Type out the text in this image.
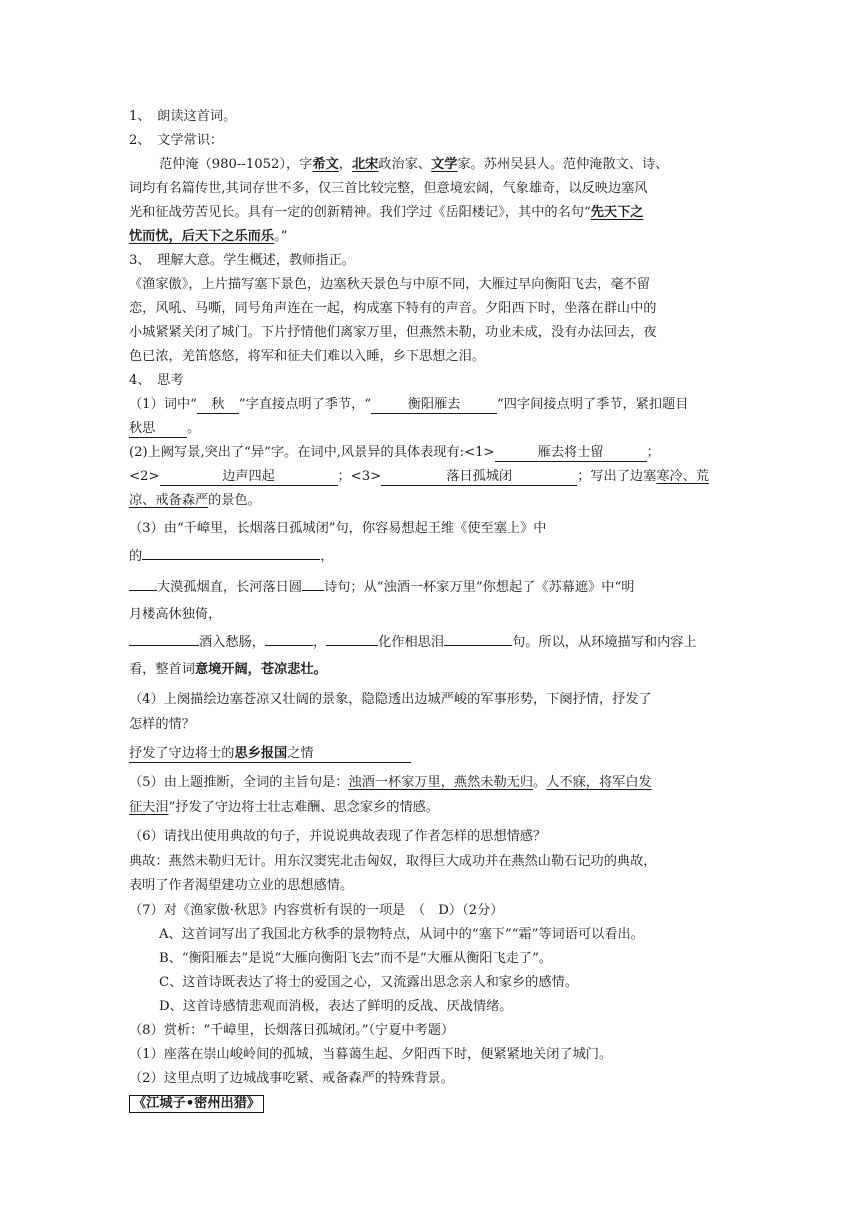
1、　朗读这首词。
2、　文学常识：
范仲淹（980--1052），字希文，北宋政治家、文学家。苏州吴县人。范仲淹散文、诗、
词均有名篇传世,其词存世不多，仅三首比较完整，但意境宏阔，气象雄奇，以反映边塞风
光和征战劳苦见长。具有一定的创新精神。我们学过《岳阳楼记》，其中的名句“先天下之
忧而忧，后天下之乐而乐。”
3、　理解大意。学生概述，教师指正。
《渔家傲》，上片描写塞下景色，边塞秋天景色与中原不同，大雁过早向衡阳飞去，毫不留
恋，风吼、马嘶，同号角声连在一起，构成塞下特有的声音。夕阳西下时，坐落在群山中的
小城紧紧关闭了城门。下片抒情他们离家万里，但燕然未勒，功业未成，没有办法回去，夜
色已浓，羌笛悠悠，将军和征夫们难以入睡，乡下思想之泪。
4、　思考
（1）词中“ 秋 ”字直接点明了季节，“	衡阳雁去	”四字间接点明了季节，紧扣题目
秋思 。
(2)上阙写景,突出了“异”字。在词中,风景异的具体表现有:<1>	雁去将士留	；
<2>	边声四起	；<3>	落日孤城闭	；写出了边塞寒冷、荒
凉、戒备森严的景色。
（3）由“千嶂里，长烟落日孤城闭”句，你容易想起王维《使至塞上》中
的	，
大漠孤烟直，长河落日圆 诗句；从“浊酒一杯家万里”你想起了《苏幕遮》中“明
月楼高休独倚，
酒入愁肠，	，	化作相思泪	句。所以，从环境描写和内容上
看，整首词意境开阔，苍凉悲壮。
（4）上阕描绘边塞苍凉又壮阔的景象，隐隐透出边城严峻的军事形势，下阕抒情，抒发了
怎样的情？
抒发了守边将士的思乡报国之情
（5）由上题推断，全词的主旨句是：浊酒一杯家万里，燕然未勒无归。人不寐，将军白发
征夫泪”抒发了守边将士壮志难酬、思念家乡的情感。
（6）请找出使用典故的句子，并说说典故表现了作者怎样的思想情感？
典故：燕然未勒归无计。用东汉窦宪北击匈奴，取得巨大成功并在燕然山勒石记功的典故，
表明了作者渴望建功立业的思想感情。
（7）对《渔家傲·秋思》内容赏析有误的一项是　（　D）（2分）
A、这首词写出了我国北方秋季的景物特点，从词中的“塞下”“霜”等词语可以看出。
B、“衡阳雁去”是说“大雁向衡阳飞去”而不是“大雁从衡阳飞走了”。
C、这首诗既表达了将士的爱国之心，又流露出思念亲人和家乡的感情。
D、这首诗感情悲观而消极，表达了鲜明的反战、厌战情绪。
（8）赏析：“千嶂里，长烟落日孤城闭。”（宁夏中考题）
（1）座落在崇山峻岭间的孤城，当暮蔼生起、夕阳西下时，便紧紧地关闭了城门。
（2）这里点明了边城战事吃紧、戒备森严的特殊背景。
《江城子•密州出猎》
